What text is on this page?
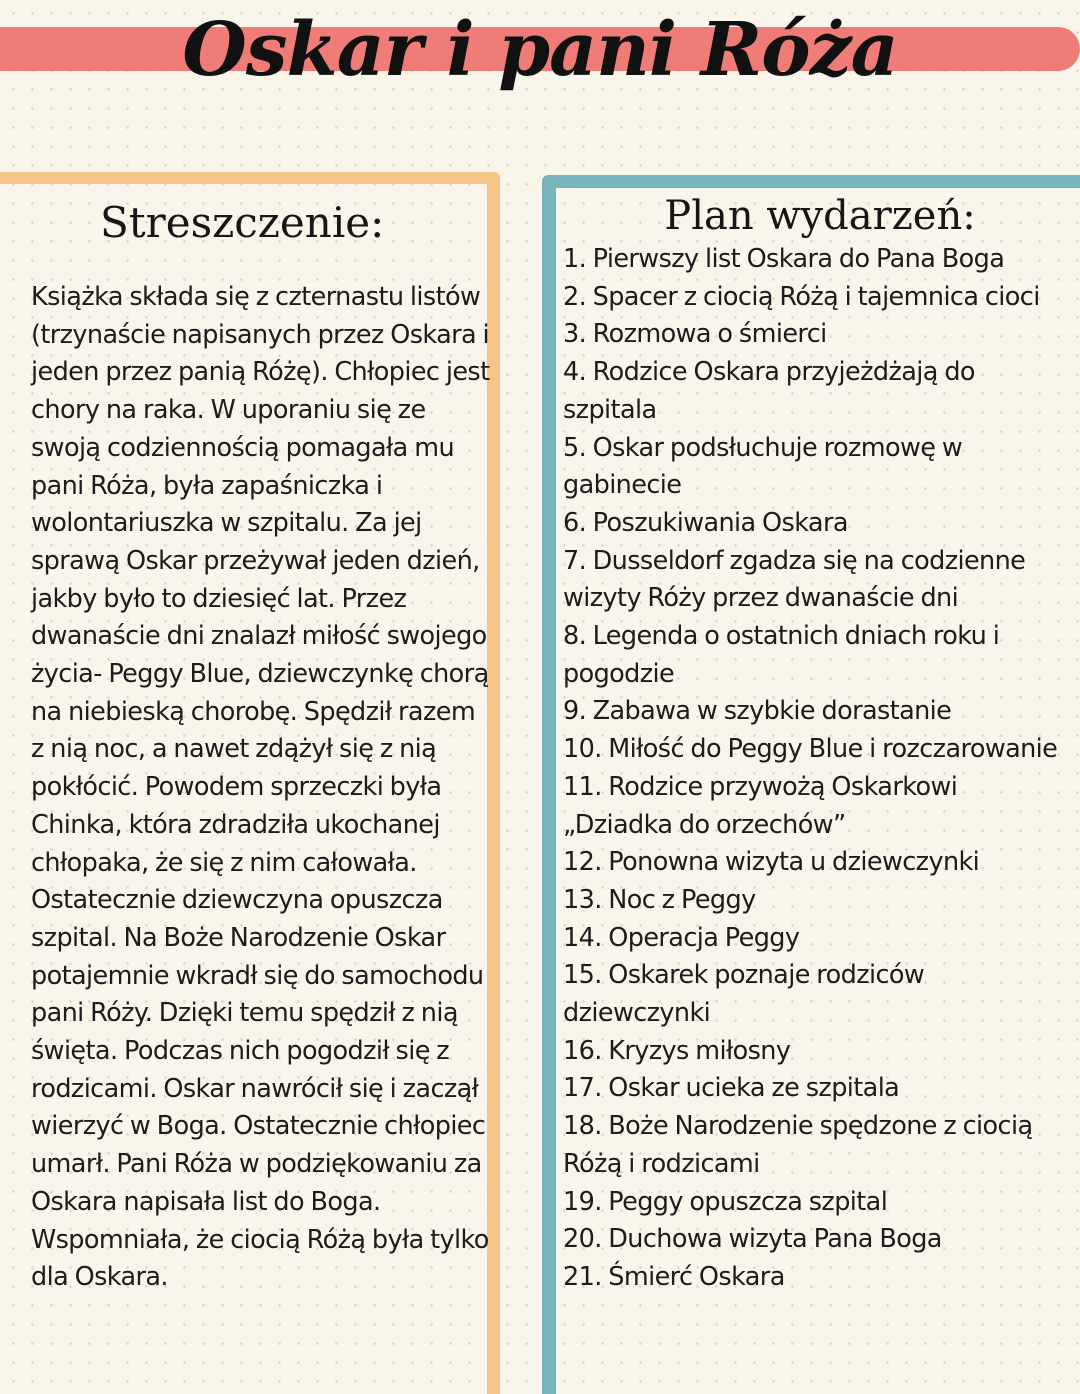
Oskar i pani Róża
Streszczenie:

Książka składa się z czternastu listów (trzynaście napisanych przez Oskara i jeden przez panią Różę). Chłopiec jest chory na raka. W uporaniu się ze swoją codziennością pomagała mu pani Róża, była zapaśniczka i wolontariuszka w szpitalu. Za jej sprawą Oskar przeżywał jeden dzień, jakby było to dziesięć lat. Przez dwanaście dni znalazł miłość swojego życia- Peggy Blue, dziewczynkę chorą na niebieską chorobę. Spędził razem z nią noc, a nawet zdążył się z nią pokłócić. Powodem sprzeczki była Chinka, która zdradziła ukochanej chłopaka, że się z nim całowała. Ostatecznie dziewczyna opuszcza szpital. Na Boże Narodzenie Oskar potajemnie wkradł się do samochodu pani Róży. Dzięki temu spędził z nią święta. Podczas nich pogodził się z rodzicami. Oskar nawrócił się i zaczął wierzyć w Boga. Ostatecznie chłopiec umarł. Pani Róża w podziękowaniu za Oskara napisała list do Boga. Wspomniała, że ciocią Różą była tylko dla Oskara.

Plan wydarzeń:
1. Pierwszy list Oskara do Pana Boga
2. Spacer z ciocią Różą i tajemnica cioci
3. Rozmowa o śmierci
4. Rodzice Oskara przyjeżdżają do szpitala
5. Oskar podsłuchuje rozmowę w gabinecie
6. Poszukiwania Oskara
7. Dusseldorf zgadza się na codzienne wizyty Róży przez dwanaście dni
8. Legenda o ostatnich dniach roku i pogodzie
9. Zabawa w szybkie dorastanie
10. Miłość do Peggy Blue i rozczarowanie
11. Rodzice przywożą Oskarkowi „Dziadka do orzechów”
12. Ponowna wizyta u dziewczynki
13. Noc z Peggy
14. Operacja Peggy
15. Oskarek poznaje rodziców dziewczynki
16. Kryzys miłosny
17. Oskar ucieka ze szpitala
18. Boże Narodzenie spędzone z ciocią Różą i rodzicami
19. Peggy opuszcza szpital
20. Duchowa wizyta Pana Boga
21. Śmierć Oskara
